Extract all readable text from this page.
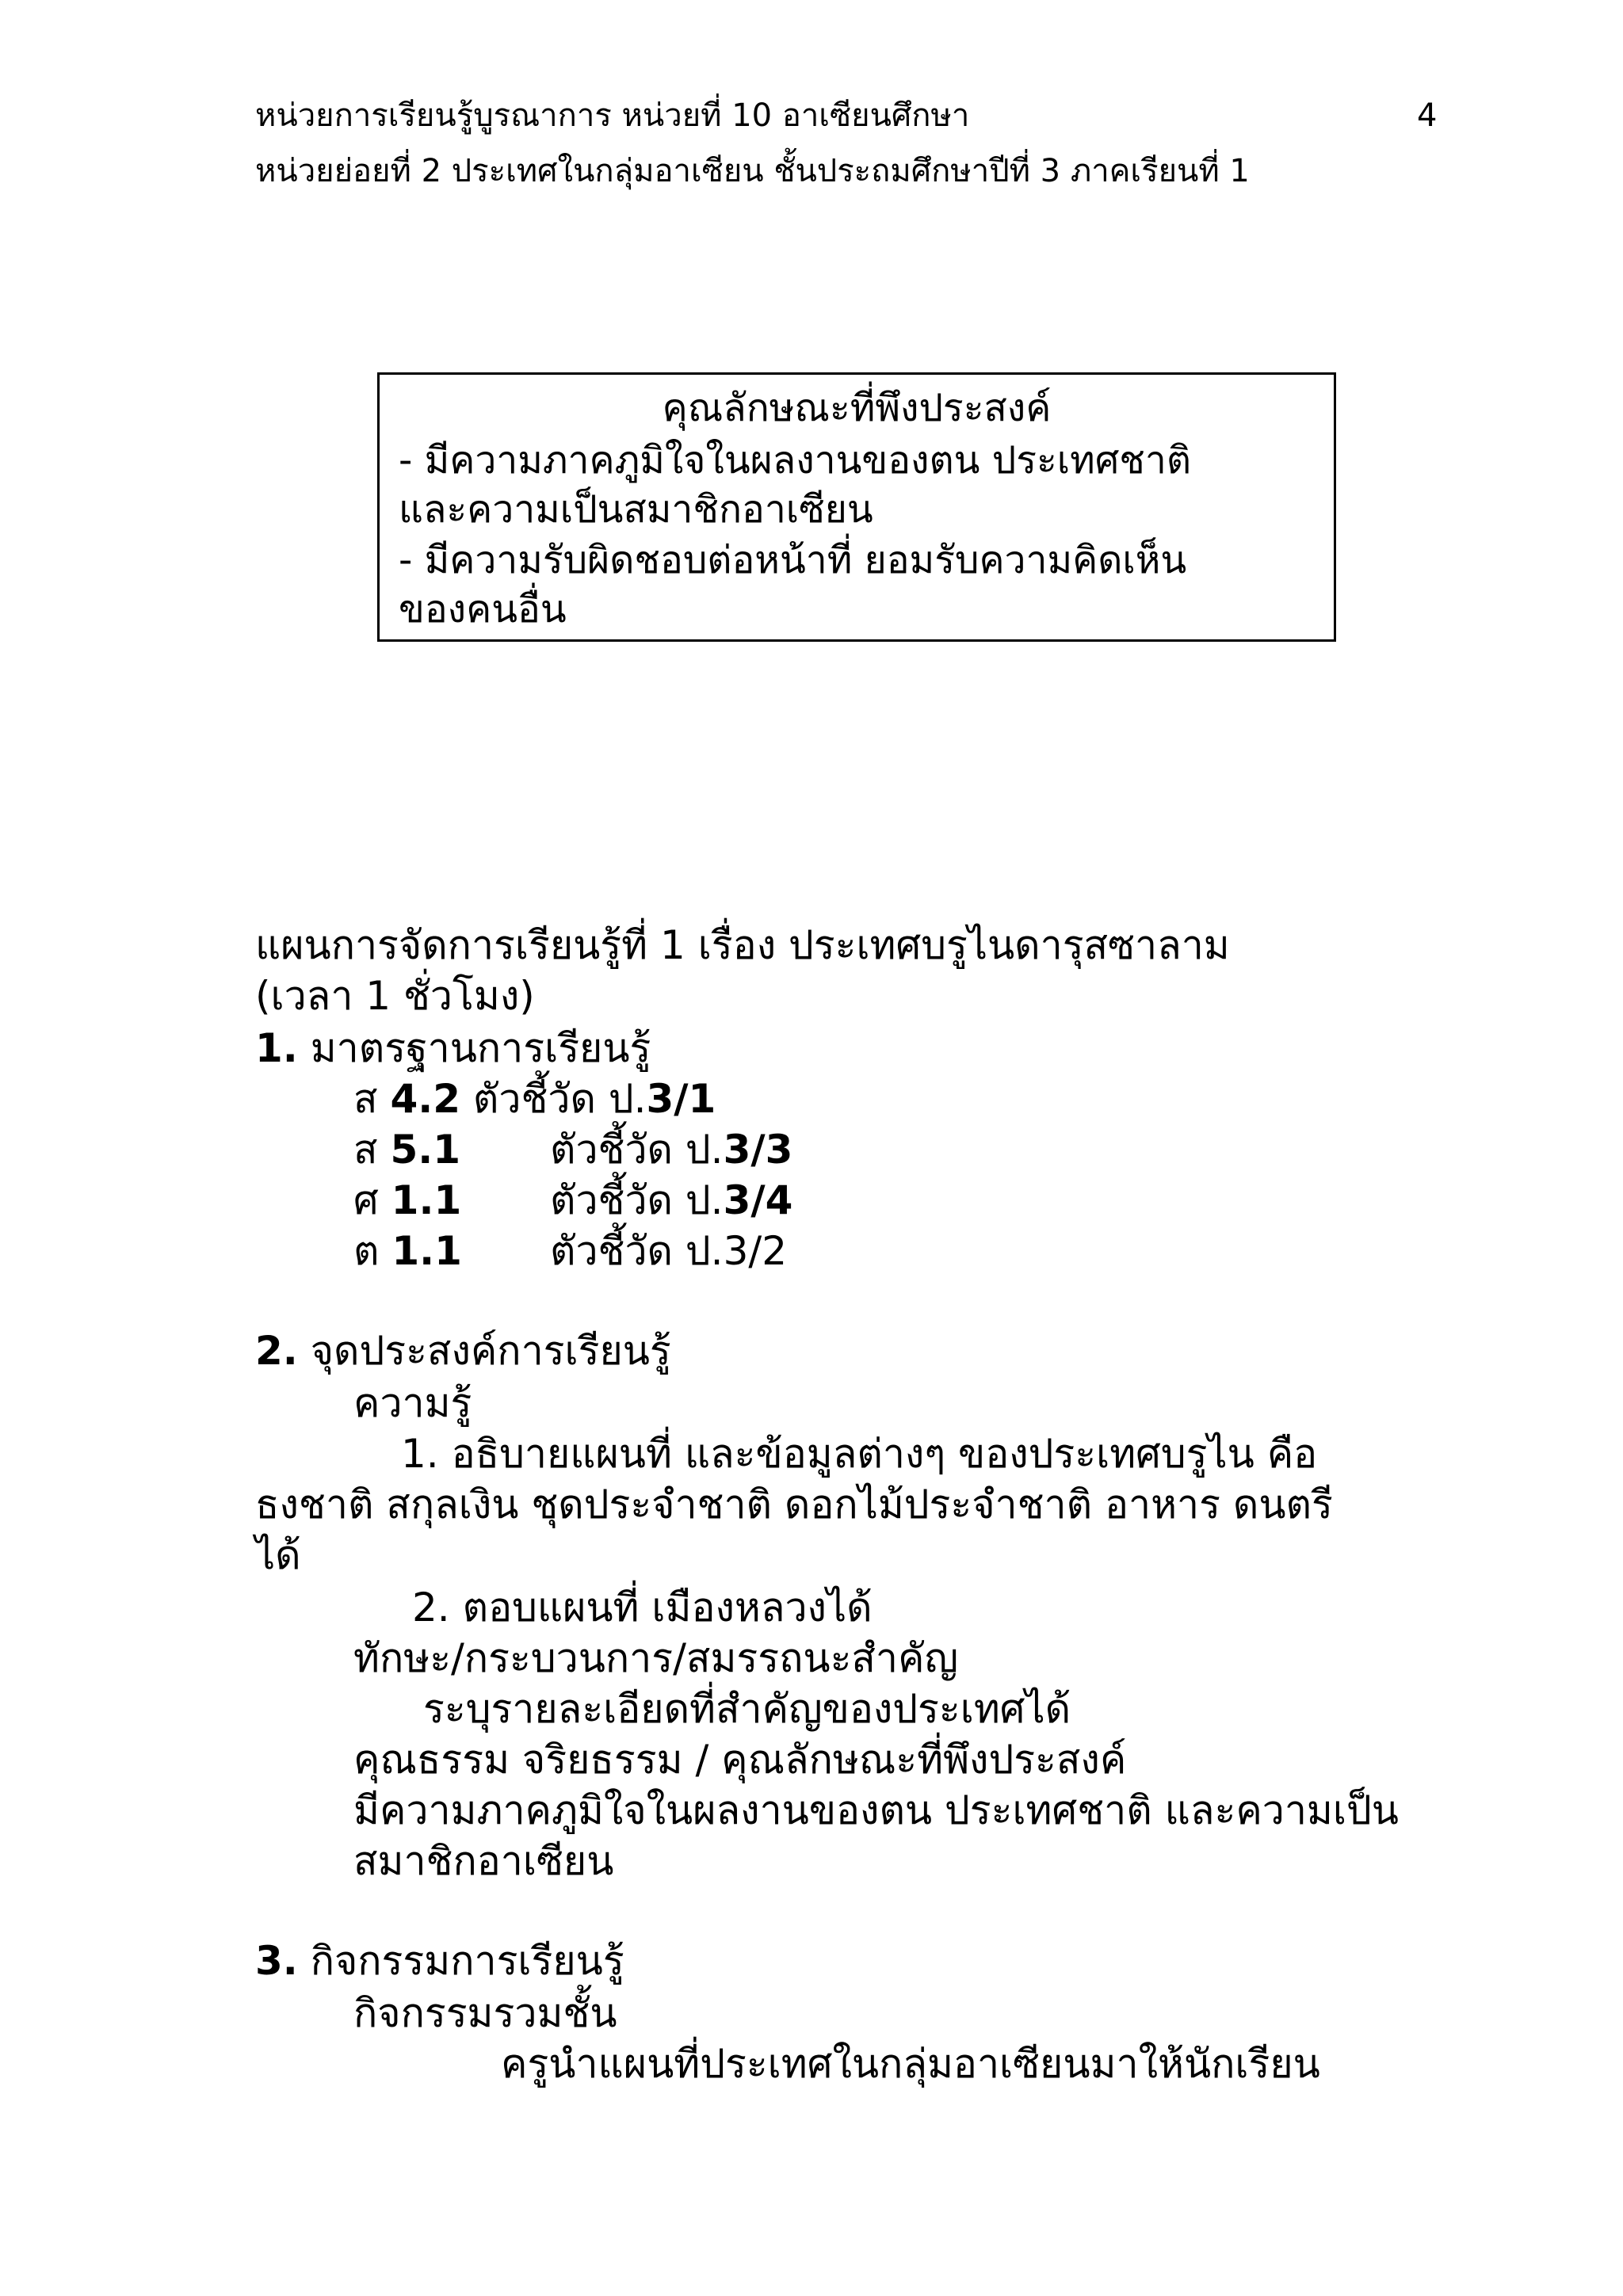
หน่วยการเรียนรู้บูรณาการ หน่วยที่ 10 อาเซียนศึกษา	4
หน่วยย่อยที่ 2 ประเทศในกลุ่มอาเซียน ชั้นประถมศึกษาปีที่ 3 ภาคเรียนที่ 1
คุณลักษณะที่พึงประสงค์
- มีความภาคภูมิใจในผลงานของตน ประเทศชาติ
และความเป็นสมาชิกอาเซียน
- มีความรับผิดชอบต่อหน้าที่ ยอมรับความคิดเห็น
ของคนอื่น
แผนการจัดการเรียนรู้ที่ 1 เรื่อง ประเทศบรูไนดารุสซาลาม
(เวลา 1 ชั่วโมง)
1. มาตรฐานการเรียนรู้
ส 4.2 ตัวชี้วัด ป.3/1
ส 5.1 ตัวชี้วัด ป.3/3
ศ 1.1 ตัวชี้วัด ป.3/4
ต 1.1 ตัวชี้วัด ป.3/2
2. จุดประสงค์การเรียนรู้
ความรู้
1. อธิบายแผนที่ และข้อมูลต่างๆ ของประเทศบรูไน คือ
ธงชาติ สกุลเงิน ชุดประจำชาติ ดอกไม้ประจำชาติ อาหาร ดนตรี
ได้
2. ตอบแผนที่ เมืองหลวงได้
ทักษะ/กระบวนการ/สมรรถนะสำคัญ
ระบุรายละเอียดที่สำคัญของประเทศได้
คุณธรรม จริยธรรม / คุณลักษณะที่พึงประสงค์
มีความภาคภูมิใจในผลงานของตน ประเทศชาติ และความเป็น
สมาชิกอาเซียน
3. กิจกรรมการเรียนรู้
กิจกรรมรวมชั้น
ครูนำแผนที่ประเทศในกลุ่มอาเซียนมาให้นักเรียน
